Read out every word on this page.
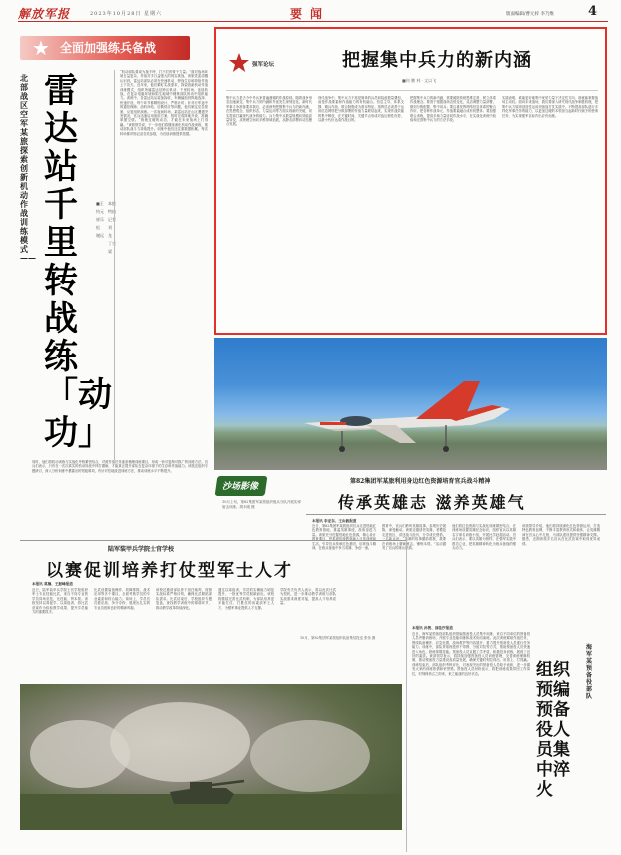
解放军报	2023年10月28日 星期六	要闻	版面编辑/曹元梓 李乃维	4
★ 全面加强练兵备战
北部战区空军某旅探索创新机动作战训练模式——
雷达站千里转战练「动功」
■王钧元 崔乐松 谢远
本报特约记者 刘 龙 丁兴梁
“机动部队要成为拖不垮、打不烂的骨干力量。”面对战场环境日益复杂、作战对手日益强大的现实挑战，该旅党委清醒认识到，雷达站部队必须在快速机动、野战生存和持续作战上下功夫。近年来，他们紧盯实战需求，探索创新机动作战训练模式，组织所属雷达站跨区机动、千里转场、连续转战，在复杂电磁环境和陌生地域中锤炼部队的动中组织能力。训练中，各雷达站从装备拆收、车辆编组到阵地选择、快速开设，每个环节都精细设计、严格计时；针对行军途中的通信保障、油料补给、后勤供应等问题，他们制定应急预案，反复组织演练。一次夜间转场，某雷达站在山区遭遇突发情况，官兵迅速启用备用方案，按时完成阵地开设，准确掌握空情。“练就过硬的动功，才能在未来战场上打得赢。”该旅领导说，下一步他们将继续深化机动作战训练，推动部队战斗力持续提升。训练中他们还注重数据积累，每次转场都详细记录各类参数，为后续训练提供依据。
同时，他们将机动训练与实战化考核紧密结合，对照作战任务逐条梳理训练课目，形成一套可复制可推广的训练方法。官兵们表示，只有在一次次真实的机动转战中摔打磨砺，才能真正提升部队在复杂环境下的生存和作战能力。该旅还组织专题研讨，深入分析训练中暴露出的短板弱项，有针对性地改进训练方法，推动训练水平不断提升。
强军论坛	把握集中兵力的新内涵
■何 鹏 林 · 文以飞
集中兵力是古今中外兵家普遍遵循的作战原则。随着战争形态加速演变，集中兵力的内涵和外延发生深刻变化。新时代军事斗争准备要求我们，必须深刻把握集中兵力的新内涵，在思想观念、组织形态、力量运用等方面实现新的突破，切实提高打赢现代战争的能力。兵力集中从数量规模向效能质量转变，从物理空间向多维领域拓展，从静态部署向动态聚合发展。
现代战争中，集中兵力不再是简单的兵员和装备数量叠加，而是作战要素和作战能力的有机融合。信息主导、体系支撑、精兵作战、联合制胜成为基本特征。指挥员必须善于运用信息网络把分散部署的作战力量联结起来，实现作战效能的集中释放，在关键时间、关键节点形成对敌压倒性优势，以最小代价达成作战目的。
把握集中兵力的新内涵，需要破除传统思维定势，树立体系作战理念。要善于根据战场态势变化，灵活调整力量部署，做到分散配置、集中用兵；要注重发挥网络信息体系的聚合作用，把各种作战单元、作战要素融合成有机整体；要加强联合训练，提高多域力量协同作战水平，在实战化训练中检验和完善集中兵力的方法手段。
实践表明，谁能更好地集中优势力量于决定性方向，谁就能掌握战场主动权。面向未来战场，我们要深入研究现代战争制胜机理，把集中兵力原则创造性运用到备战打仗实践中，不断提高部队遂行多样化军事任务的能力，以更加过硬的本领担当起新时代赋予的使命任务，为实现强军目标作出应有贡献。
沙场影像
10月上旬，第82集团军某旅组织炮兵分队开展实弹射击训练。胡永刚 摄
第82集团军某旅利用身边红色资源培育官兵战斗精神
传承英雄志 滋养英雄气
本报讯 李亚东、王由毅报道
近日，第82集团军某旅组织官兵走进驻地红色教育基地，重温英雄事迹，汲取奋进力量。该旅充分挖掘驻地红色资源，精心设计教育课目，把革命传统教育融入日常训练和生活，引导官兵传承红色基因，培育战斗精神，在练兵备战中争当英雄、争创一流。
教育中，官兵们聆听英雄故事，参观历史展陈，深受触动。该旅还邀请老英雄、老模范走进营区，讲述战斗经历，分享成长感悟。一名新兵说：“英雄的故事激励着我，我要在训练场上磨砺意志、锤炼本领。”活动激发了官兵的练兵热情。
他们将红色资源与实战化训练紧密结合，在训练场设置英雄纪念标识，组织官兵以英雄名字命名训练小组，开展比学赶超活动。官兵们表示，要以英雄为榜样，在强军实践中建功立业，把英雄精神转化为练兵备战的强大动力。
该旅领导介绍，他们将持续深化红色资源运用，打造特色教育品牌，不断丰富教育形式和载体，让英雄精神在官兵心中扎根，为部队建设提供坚强精神支撑。据悉，近期该旅多名官兵在比武竞赛中取得优异成绩。
陆军装甲兵学院士官学校
以赛促训培养打仗型军士人才
本报讯 莫楠、王振峰报道
近日，陆军装甲兵学院士官学校组织军士专业技能比武，来自不同专业的学员同场竞技，比技能、拼本领。该校坚持以赛促学、以赛促训，将比武竞赛作为检验教学成果、提升学员能力的重要抓手。
比武设置装备操作、故障排除、战术应用等多个课目，全面考核学员的专业素质和综合能力。赛场上，学员们沉着应战、争分夺秒，展现出扎实的专业功底和良好的精神风貌。
该校还邀请部队骨干担任裁判，按照实战标准严格评判，确保比武紧贴部队需求。比武结束后，学校组织专题复盘，查找教学训练中的薄弱环节，推动教学改革持续深化。
通过以赛促训，学员的实操能力明显提升，一批优秀学员脱颖而出。该校将继续完善比武机制，为部队培养更多能打仗、打胜仗的高素质军士人才，为强军事业提供人才支撑。
学院有关负责人表示，将以此次比武为契机，进一步推动教学训练与部队实战需求深度对接，提高人才培养质量。
10月，第82集团军某旅组织装备集结投送 张伟 摄
海军某预备役部队
组织预编预备役人员集中淬火
本报讯 孙智、邵佳汐报道
近日，海军某预备役部队组织预编预备役人员集中训练，来自不同单位的预备役人员齐聚训练场，开展专业技能训练和战术协同演练。此次训练紧贴作战任务，围绕装备操作、应急处置、战场救护等内容展开，着力提升预备役人员遂行任务能力。训练中，部队采取现役骨干带教、分组对抗等方式，帮助预备役人员快速进入角色、熟练掌握技能。预备役人员克服工学矛盾，积极投身训练，展现了良好的素质。该部领导表示，将持续加强预备役人员训练管理，完善训练保障机制，推动预备役力量建设高质量发展，确保关键时刻拉得出、用得上、打得赢。训练结束后，部队组织考核评比，对表现突出的预备役人员给予表彰，进一步激发大家的训练热情和荣誉感。预备役人员纷纷表示，将把训练成果带回工作岗位，时刻保持召之即来、来之能战的良好状态。
